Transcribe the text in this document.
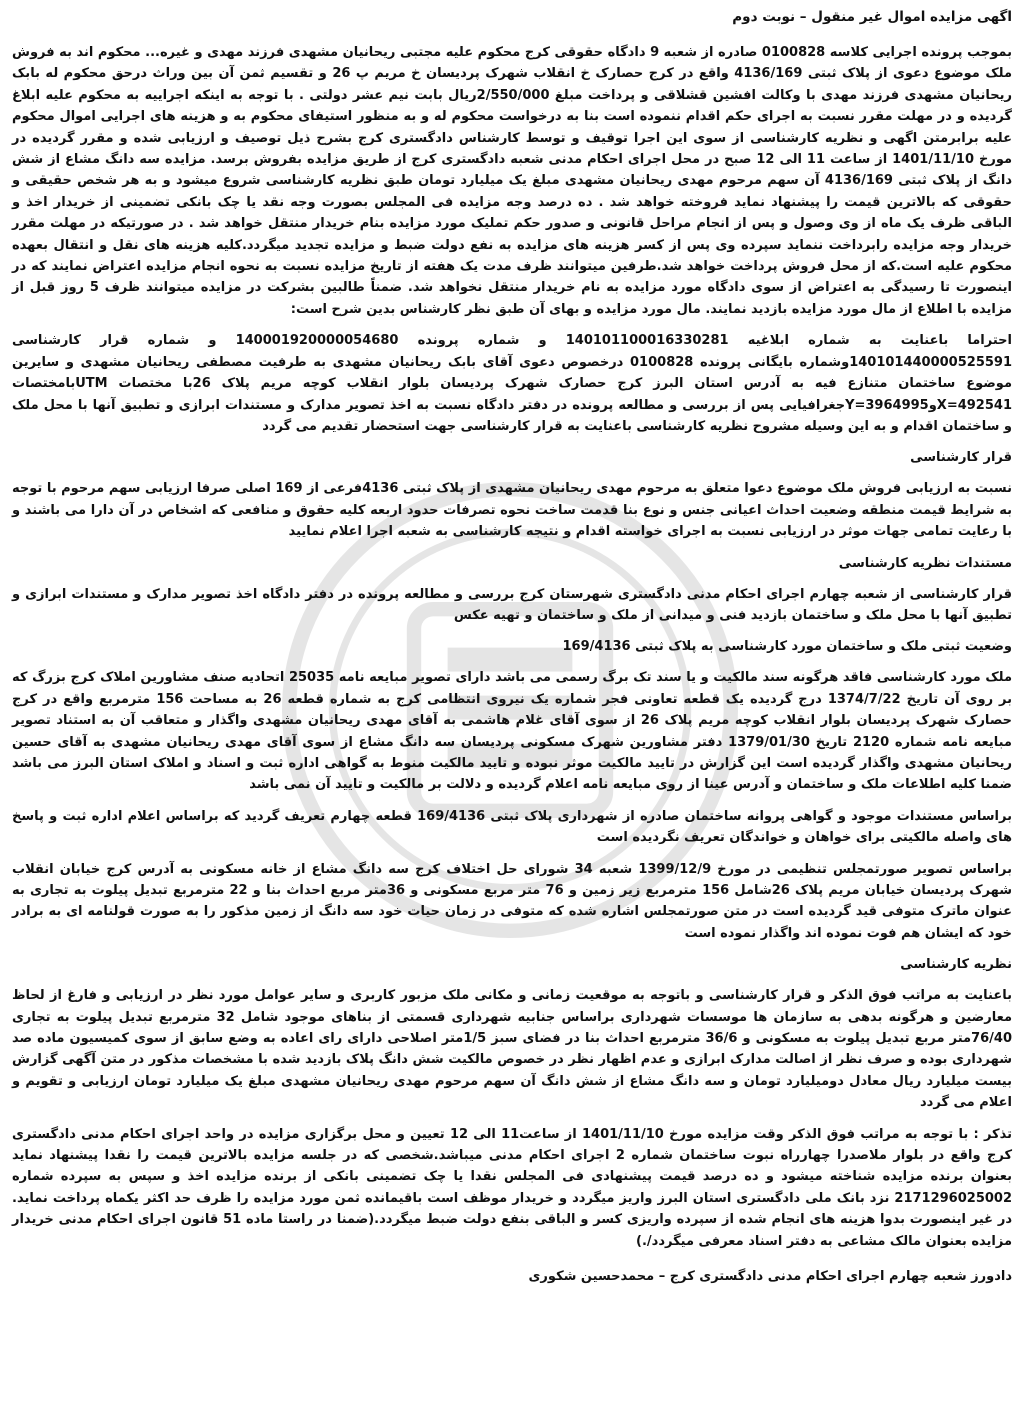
اگهی مزایده اموال غیر منقول – نوبت دوم
بموجب پرونده اجرایی کلاسه 0100828 صادره از شعبه 9 دادگاه حقوقی کرج محکوم علیه مجتبی ریحانیان مشهدی فرزند مهدی و غیره... محکوم اند به فروش ملک موضوع دعوی از پلاک ثبتی 4136/169 واقع در کرج حصارک خ انقلاب شهرک پردیسان خ مریم پ 26 و تقسیم ثمن آن بین وراث درحق محکوم له بابک ریحانیان مشهدی فرزند مهدی با وکالت افشین قشلاقی و پرداخت مبلغ 2/550/000ریال بابت نیم عشر دولتی . با توجه به اینکه اجراییه به محکوم علیه ابلاغ گردیده و در مهلت مقرر نسبت به اجرای حکم اقدام ننموده است بنا به درخواست محکوم له و به منظور استیفای محکوم به و هزینه های اجرایی اموال محکوم علیه برابرمتن اگهی و نظریه کارشناسی از سوی این اجرا توقیف و توسط کارشناس دادگستری کرج بشرح ذیل توصیف و ارزیابی شده و مقرر گردیده در مورخ 1401/11/10 از ساعت 11 الی 12 صبح در محل اجرای احکام مدنی شعبه دادگستری کرج از طریق مزایده بفروش برسد. مزایده سه دانگ مشاع از شش دانگ از پلاک ثبتی 4136/169 آن سهم مرحوم مهدی ریحانیان مشهدی مبلغ یک میلیارد تومان طبق نظریه کارشناسی شروع میشود و به هر شخص حقیقی و حقوقی که بالاترین قیمت را پیشنهاد نماید فروخته خواهد شد . ده درصد وجه مزایده فی المجلس بصورت وجه نقد یا چک بانکی تضمینی از خریدار اخذ و الباقی ظرف یک ماه از وی وصول و پس از انجام مراحل قانونی و صدور حکم تملیک مورد مزایده بنام خریدار منتقل خواهد شد . در صورتیکه در مهلت مقرر خریدار وجه مزایده رابرداخت ننماید سپرده وی پس از کسر هزینه های مزایده به نفع دولت ضبط و مزایده تجدید میگردد.کلیه هزینه های نقل و انتقال بعهده محکوم علیه است.که از محل فروش پرداخت خواهد شد.طرفین میتوانند ظرف مدت یک هفته از تاریخ مزایده نسبت به نحوه انجام مزایده اعتراض نمایند که در اینصورت تا رسیدگی به اعتراض از سوی دادگاه مورد مزایده به نام خریدار منتقل نخواهد شد. ضمناً طالبین بشرکت در مزایده میتوانند ظرف 5 روز قبل از مزایده با اطلاع از مال مورد مزایده بازدید نمایند. مال مورد مزایده و بهای آن طبق نظر کارشناس بدین شرح است:
احتراما باعنایت به شماره ابلاغیه 140101100016330281 و شماره پرونده 140001920000054680 و شماره قرار کارشناسی 140101440000525591وشماره بایگانی پرونده 0100828 درخصوص دعوی آقای بابک ریحانیان مشهدی به طرفیت مصطفی ریحانیان مشهدی و سایرین موضوع ساختمان متنازع فیه به آدرس استان البرز کرج حصارک شهرک پردیسان بلوار انقلاب کوچه مریم پلاک 26با مختصات UTMبامختصات X=492541وY=3964995جغرافیایی پس از بررسی و مطالعه پرونده در دفتر دادگاه نسبت به اخذ تصویر مدارک و مستندات ابرازی و تطبیق آنها با محل ملک و ساختمان اقدام و به این وسیله مشروح نظریه کارشناسی باعنایت به قرار کارشناسی جهت استحضار تقدیم می گردد
قرار کارشناسی
نسبت به ارزیابی فروش ملک موضوع دعوا متعلق به مرحوم مهدی ریحانیان مشهدی از پلاک ثبتی 4136فرعی از 169 اصلی صرفا ارزیابی سهم مرحوم با توجه به شرایط قیمت منطقه وضعیت احداث اعیانی جنس و نوع بنا قدمت ساخت نحوه تصرفات حدود اربعه کلیه حقوق و منافعی که اشخاص در آن دارا می باشند و با رعایت تمامی جهات موثر در ارزیابی نسبت به اجرای خواسته اقدام و نتیجه کارشناسی به شعبه اجرا اعلام نمایید
مستندات نظریه کارشناسی
قرار کارشناسی از شعبه چهارم اجرای احکام مدنی دادگستری شهرستان کرج بررسی و مطالعه پرونده در دفتر دادگاه اخذ تصویر مدارک و مستندات ابرازی و تطبیق آنها با محل ملک و ساختمان بازدید فنی و میدانی از ملک و ساختمان و تهیه عکس
وضعیت ثبتی ملک و ساختمان مورد کارشناسی به پلاک ثبتی 169/4136
ملک مورد کارشناسی فاقد هرگونه سند مالکیت و یا سند تک برگ رسمی می باشد دارای تصویر مبایعه نامه 25035 اتحادیه صنف مشاورین املاک کرج بزرگ که بر روی آن تاریخ 1374/7/22 درج گردیده یک قطعه تعاونی فجر شماره یک نیروی انتظامی کرج به شماره قطعه 26 به مساحت 156 مترمربع واقع در کرج حصارک شهرک پردیسان بلوار انقلاب کوچه مریم پلاک 26 از سوی آقای غلام هاشمی به آقای مهدی ریحانیان مشهدی واگذار و متعاقب آن به استناد تصویر مبایعه نامه شماره 2120 تاریخ 1379/01/30 دفتر مشاورین شهرک مسکونی پردیسان سه دانگ مشاع از سوی آقای مهدی ریحانیان مشهدی به آقای حسین ریحانیان مشهدی واگذار گردیده است این گزارش در تایید مالکیت موثر نبوده و تایید مالکیت منوط به گواهی اداره ثبت و اسناد و املاک استان البرز می باشد ضمنا کلیه اطلاعات ملک و ساختمان و آدرس عینا از روی مبایعه نامه اعلام گردیده و دلالت بر مالکیت و تایید آن نمی باشد
براساس مستندات موجود و گواهی پروانه ساختمان صادره از شهرداری پلاک ثبتی 169/4136 قطعه چهارم تعریف گردید که براساس اعلام اداره ثبت و پاسخ های واصله مالکیتی برای خواهان و خواندگان تعریف نگردیده است
براساس تصویر صورتمجلس تنظیمی در مورخ 1399/12/9 شعبه 34 شورای حل اختلاف کرج سه دانگ مشاع از خانه مسکونی به آدرس کرج خیابان انقلاب شهرک پردیسان خیابان مریم پلاک 26شامل 156 مترمربع زیر زمین و 76 متر مربع مسکونی و 36متر مربع احداث بنا و 22 مترمربع تبدیل پیلوت به تجاری به عنوان ماترک متوفی قید گردیده است در متن صورتمجلس اشاره شده که متوفی در زمان حیات خود سه دانگ از زمین مذکور را به صورت قولنامه ای به برادر خود که ایشان هم فوت نموده اند واگذار نموده است
نظریه کارشناسی
باعنایت به مراتب فوق الذکر و قرار کارشناسی و باتوجه به موقعیت زمانی و مکانی ملک مزبور کاربری و سایر عوامل مورد نظر در ارزیابی و فارغ از لحاظ معارضین و هرگونه بدهی به سازمان ها موسسات شهرداری براساس جنابیه شهرداری قسمتی از بناهای موجود شامل 32 مترمربع تبدیل پیلوت به تجاری 76/40متر مربع تبدیل پیلوت به مسکونی و 36/6 مترمربع احداث بنا در فضای سبز 1/5متر اصلاحی دارای رای اعاده به وضع سابق از سوی کمیسیون ماده صد شهرداری بوده و صرف نظر از اصالت مدارک ابرازی و عدم اظهار نظر در خصوص مالکیت شش دانگ پلاک بازدید شده با مشخصات مذکور در متن آگهی گزارش بیست میلیارد ریال معادل دومیلیارد تومان و سه دانگ مشاع از شش دانگ آن سهم مرحوم مهدی ریحانیان مشهدی مبلغ یک میلیارد تومان ارزیابی و تقویم و اعلام می گردد
تذکر : با توجه به مراتب فوق الذکر وقت مزایده مورخ 1401/11/10 از ساعت11 الی 12 تعیین و محل برگزاری مزایده در واحد اجرای احکام مدنی دادگستری کرج واقع در بلوار ملاصدرا چهارراه نبوت ساختمان شماره 2 اجرای احکام مدنی میباشد.شخصی که در جلسه مزایده بالاترین قیمت را نقدا پیشنهاد نماید بعنوان برنده مزایده شناخته میشود و ده درصد قیمت پیشنهادی فی المجلس نقدا یا چک تضمینی بانکی از برنده مزایده اخذ و سپس به سپرده شماره 2171296025002 نزد بانک ملی دادگستری استان البرز واریز میگردد و خریدار موظف است باقیمانده ثمن مورد مزایده را ظرف حد اکثر یکماه پرداخت نماید. در غیر اینصورت بدوا هزینه های انجام شده از سپرده واریزی کسر و الباقی بنفع دولت ضبط میگردد.(ضمنا در راستا ماده 51 قانون اجرای احکام مدنی خریدار مزایده بعنوان مالک مشاعی به دفتر اسناد معرفی میگردد/.)
دادورز شعبه چهارم اجرای احکام مدنی دادگستری کرج – محمدحسین شکوری
